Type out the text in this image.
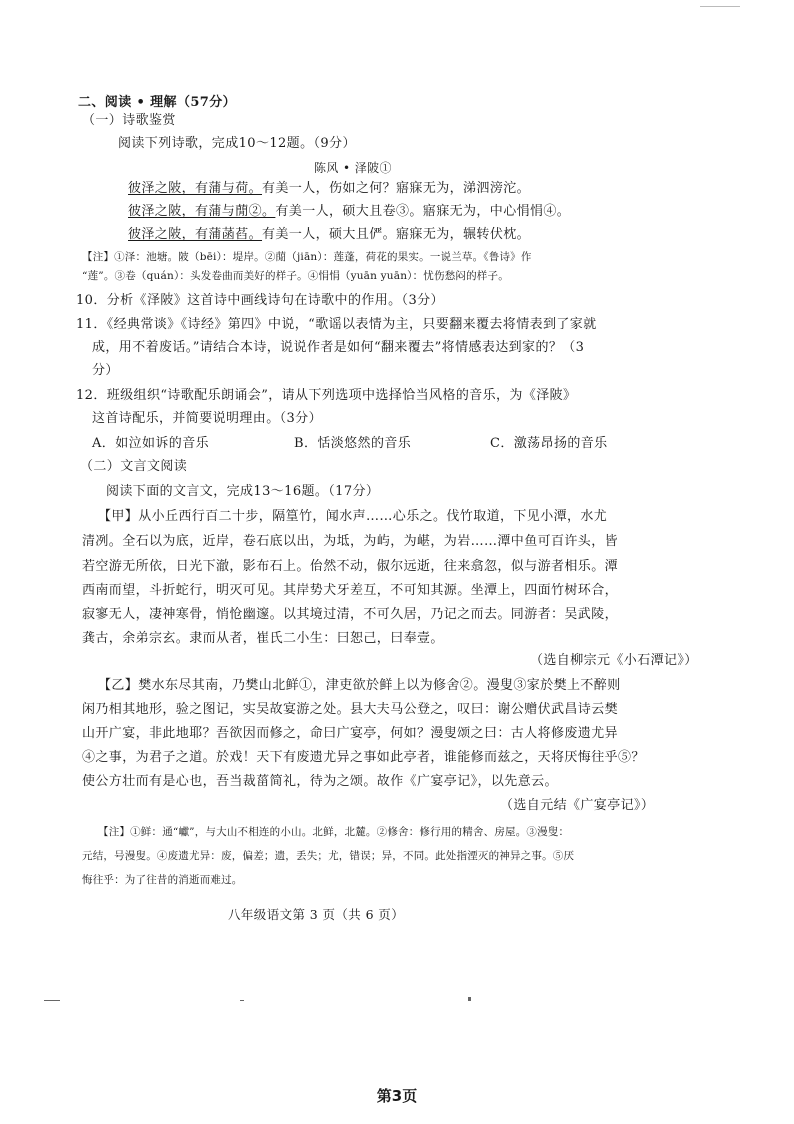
二、阅读 • 理解（57分）
（一）诗歌鉴赏
阅读下列诗歌，完成10～12题。（9分）
陈风 • 泽陂①
彼泽之陂，有蒲与荷。有美一人，伤如之何？寤寐无为，涕泗滂沱。
彼泽之陂，有蒲与蕑②。有美一人，硕大且卷③。寤寐无为，中心悁悁④。
彼泽之陂，有蒲菡萏。有美一人，硕大且俨。寤寐无为，辗转伏枕。
【注】①泽：池塘。陂（bēi）：堤岸。②蕑（jiān）：莲蓬，荷花的果实。一说兰草。《鲁诗》作
“莲”。③卷（quán）：头发卷曲而美好的样子。④悁悁（yuān yuān）：忧伤愁闷的样子。
10．分析《泽陂》这首诗中画线诗句在诗歌中的作用。（3分）
11．《经典常谈》《诗经》第四》中说，“歌谣以表情为主，只要翻来覆去将情表到了家就
成，用不着废话。”请结合本诗，说说作者是如何“翻来覆去”将情感表达到家的？（3
分）
12．班级组织“诗歌配乐朗诵会”，请从下列选项中选择恰当风格的音乐，为《泽陂》
这首诗配乐，并简要说明理由。（3分）
A．如泣如诉的音乐	B．恬淡悠然的音乐	C．激荡昂扬的音乐
（二）文言文阅读
阅读下面的文言文，完成13～16题。（17分）
【甲】从小丘西行百二十步，隔篁竹，闻水声……心乐之。伐竹取道，下见小潭，水尤
清冽。全石以为底，近岸，卷石底以出，为坻，为屿，为嵁，为岩……潭中鱼可百许头，皆
若空游无所依，日光下澈，影布石上。佁然不动，俶尔远逝，往来翕忽，似与游者相乐。潭
西南而望，斗折蛇行，明灭可见。其岸势犬牙差互，不可知其源。坐潭上，四面竹树环合，
寂寥无人，凄神寒骨，悄怆幽邃。以其境过清，不可久居，乃记之而去。同游者：吴武陵，
龚古，余弟宗玄。隶而从者，崔氏二小生：曰恕己，曰奉壹。
（选自柳宗元《小石潭记》）
【乙】樊水东尽其南，乃樊山北鲜①，津吏欲於鲜上以为修舍②。漫叟③家於樊上不醉则
闲乃相其地形，验之图记，实吴故宴游之处。县大夫马公登之，叹曰：谢公赠伏武昌诗云樊
山开广宴，非此地耶？吾欲因而修之，命曰广宴亭，何如？漫叟颂之曰：古人将修废遗尤异
④之事，为君子之道。於戏！天下有废遗尤异之事如此亭者，谁能修而兹之，天将厌悔往乎⑤？
使公方壮而有是心也，吾当裁菑简礼，待为之颂。故作《广宴亭记》，以先意云。
（选自元结《广宴亭记》）
【注】①鲜：通“巘”，与大山不相连的小山。北鲜，北麓。②修舍：修行用的精舍、房屋。③漫叟：
元结，号漫叟。④废遗尤异：废，偏差；遗，丢失；尤，错误；异，不同。此处指湮灭的神异之事。⑤厌
悔往乎：为了往昔的消逝而难过。
八年级语文第 3 页（共 6 页）
第3页
